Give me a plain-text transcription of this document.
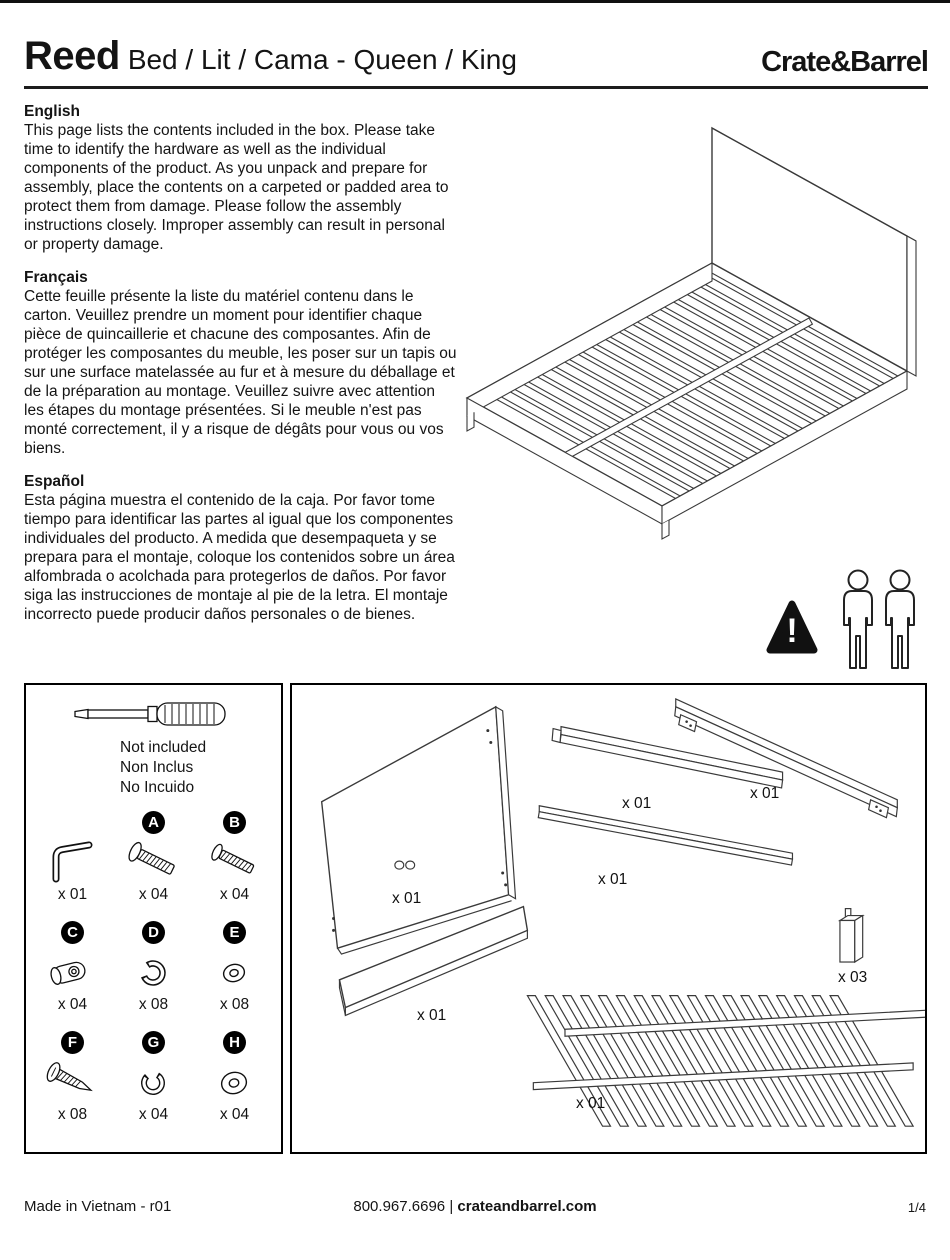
Reed Bed / Lit / Cama - Queen / King	Crate&Barrel
English

This page lists the contents included in the box. Please take time to identify the hardware as well as the individual components of the product. As you unpack and prepare for assembly, place the contents on a carpeted or padded area to protect them from damage. Please follow the assembly instructions closely. Improper assembly can result in personal or property damage.

Français

Cette feuille présente la liste du matériel contenu dans le carton. Veuillez prendre un moment pour identifier chaque pièce de quincaillerie et chacune des composantes. Afin de protéger les composantes du meuble, les poser sur un tapis ou sur une surface matelassée au fur et à mesure du déballage et de la préparation au montage. Veuillez suivre avec attention les étapes du montage présentées. Si le meuble n'est pas monté correctement, il y a risque de dégâts pour vous ou vos biens.

Español

Esta página muestra el contenido de la caja. Por favor tome tiempo para identificar las partes al igual que los componentes individuales del producto. A medida que desempaqueta y se prepara para el montaje, coloque los contenidos sobre un área alfombrada o acolchada para protegerlos de daños. Por favor siga las instrucciones de montaje al pie de la letra. El montaje incorrecto puede producir daños personales o de bienes.	!
Not included
Non Inclus
No Incuido
x 01
A
x 04
B
x 04
C
x 04
D
x 08
E
x 08
F
x 08
G
x 04
H
x 04
x 01
x 01
x 01
x 01
x 01
x 03
x 01
Made in Vietnam - r01	800.967.6696 | crateandbarrel.com	1/4
